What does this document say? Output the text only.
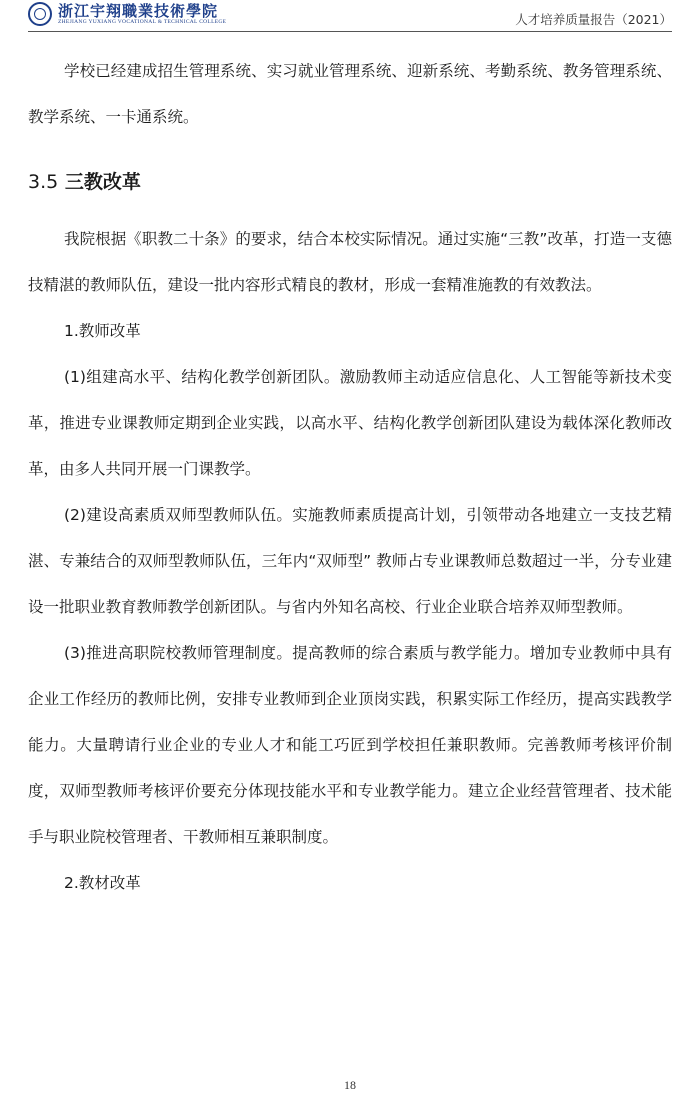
浙江宇翔職業技術學院
ZHEJIANG YUXIANG VOCATIONAL & TECHNICAL COLLEGE	人才培养质量报告（2021）

学校已经建成招生管理系统、实习就业管理系统、迎新系统、考勤系统、教务管理系统、教学系统、一卡通系统。

3.5 三教改革

我院根据《职教二十条》的要求，结合本校实际情况。通过实施“三教”改革，打造一支德技精湛的教师队伍，建设一批内容形式精良的教材，形成一套精准施教的有效教法。

1.教师改革

(1)组建高水平、结构化教学创新团队。激励教师主动适应信息化、人工智能等新技术变革，推进专业课教师定期到企业实践，以高水平、结构化教学创新团队建设为载体深化教师改革，由多人共同开展一门课教学。

(2)建设高素质双师型教师队伍。实施教师素质提高计划，引领带动各地建立一支技艺精湛、专兼结合的双师型教师队伍，三年内“双师型” 教师占专业课教师总数超过一半，分专业建设一批职业教育教师教学创新团队。与省内外知名高校、行业企业联合培养双师型教师。

(3)推进高职院校教师管理制度。提高教师的综合素质与教学能力。增加专业教师中具有企业工作经历的教师比例，安排专业教师到企业顶岗实践，积累实际工作经历，提高实践教学能力。大量聘请行业企业的专业人才和能工巧匠到学校担任兼职教师。完善教师考核评价制度，双师型教师考核评价要充分体现技能水平和专业教学能力。建立企业经营管理者、技术能手与职业院校管理者、干教师相互兼职制度。

2.教材改革

18
